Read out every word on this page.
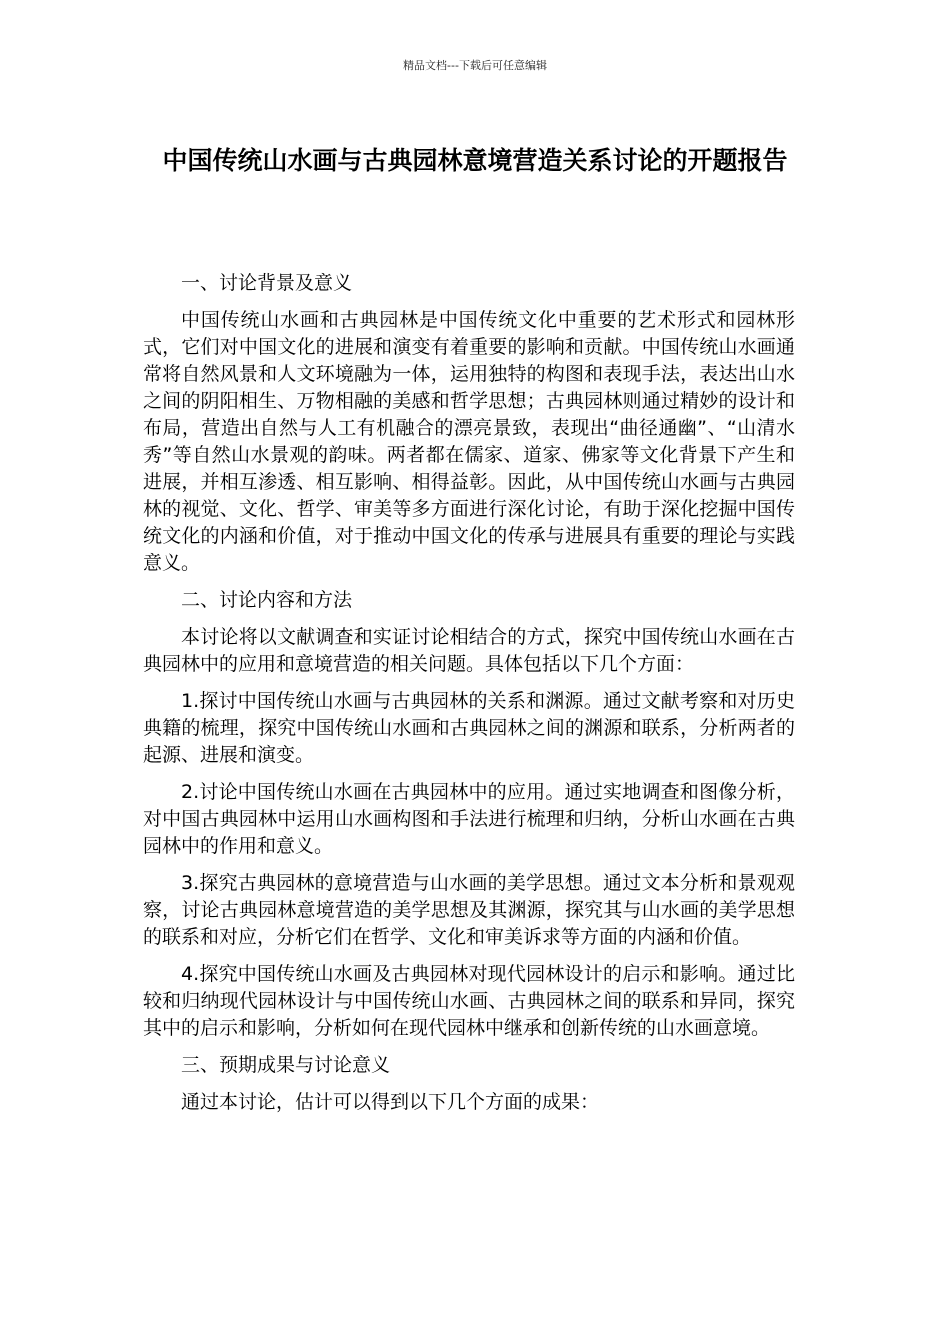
精品文档---下载后可任意编辑
中国传统山水画与古典园林意境营造关系讨论的开题报告

一、讨论背景及意义

中国传统山水画和古典园林是中国传统文化中重要的艺术形式和园林形式，它们对中国文化的进展和演变有着重要的影响和贡献。中国传统山水画通常将自然风景和人文环境融为一体，运用独特的构图和表现手法，表达出山水之间的阴阳相生、万物相融的美感和哲学思想；古典园林则通过精妙的设计和布局，营造出自然与人工有机融合的漂亮景致，表现出“曲径通幽”、“山清水秀”等自然山水景观的韵味。两者都在儒家、道家、佛家等文化背景下产生和进展，并相互渗透、相互影响、相得益彰。因此，从中国传统山水画与古典园林的视觉、文化、哲学、审美等多方面进行深化讨论，有助于深化挖掘中国传统文化的内涵和价值，对于推动中国文化的传承与进展具有重要的理论与实践意义。

二、讨论内容和方法

本讨论将以文献调查和实证讨论相结合的方式，探究中国传统山水画在古典园林中的应用和意境营造的相关问题。具体包括以下几个方面：

1.探讨中国传统山水画与古典园林的关系和渊源。通过文献考察和对历史典籍的梳理，探究中国传统山水画和古典园林之间的渊源和联系，分析两者的起源、进展和演变。

2.讨论中国传统山水画在古典园林中的应用。通过实地调查和图像分析，对中国古典园林中运用山水画构图和手法进行梳理和归纳，分析山水画在古典园林中的作用和意义。

3.探究古典园林的意境营造与山水画的美学思想。通过文本分析和景观观察，讨论古典园林意境营造的美学思想及其渊源，探究其与山水画的美学思想的联系和对应，分析它们在哲学、文化和审美诉求等方面的内涵和价值。

4.探究中国传统山水画及古典园林对现代园林设计的启示和影响。通过比较和归纳现代园林设计与中国传统山水画、古典园林之间的联系和异同，探究其中的启示和影响，分析如何在现代园林中继承和创新传统的山水画意境。

三、预期成果与讨论意义

通过本讨论，估计可以得到以下几个方面的成果：
